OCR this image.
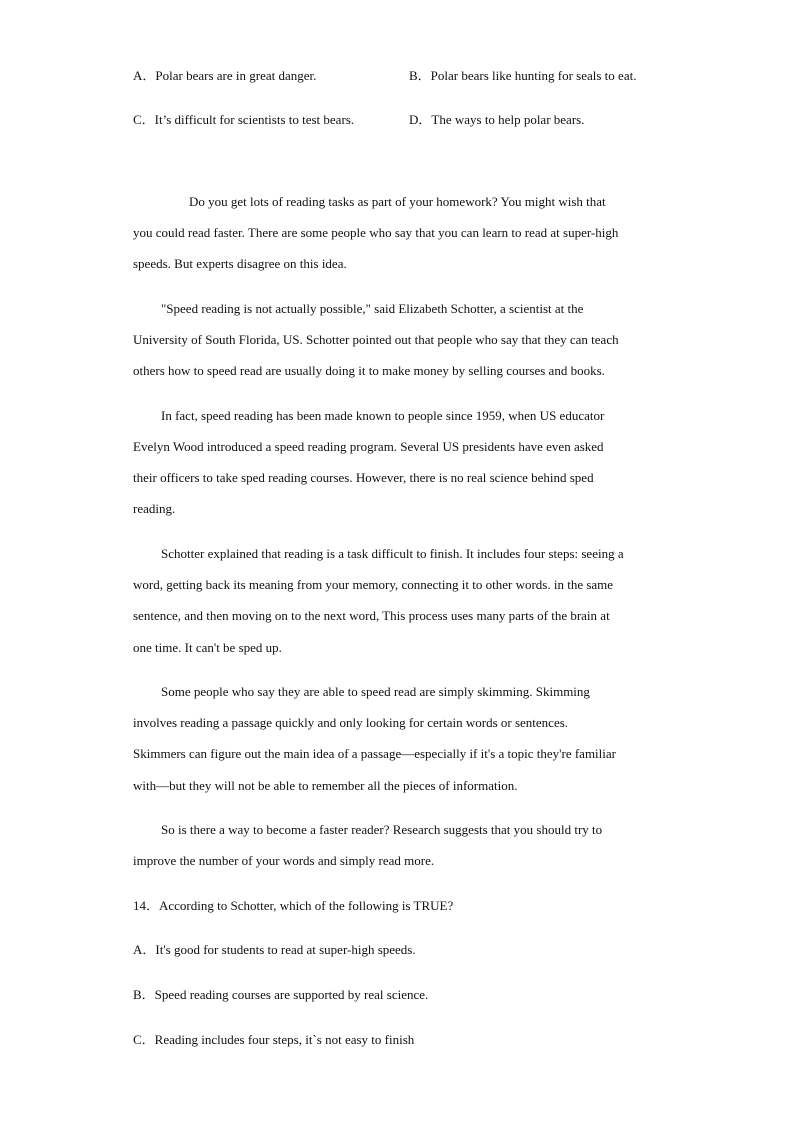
A．Polar bears are in great danger.	B．Polar bears like hunting for seals to eat.
C．It’s difficult for scientists to test bears.	D．The ways to help polar bears.
Do you get lots of reading tasks as part of your homework? You might wish that
you could read faster. There are some people who say that you can learn to read at super-high
speeds. But experts disagree on this idea.
"Speed reading is not actually possible," said Elizabeth Schotter, a scientist at the
University of South Florida, US. Schotter pointed out that people who say that they can teach
others how to speed read are usually doing it to make money by selling courses and books.
In fact, speed reading has been made known to people since 1959, when US educator
Evelyn Wood introduced a speed reading program. Several US presidents have even asked
their officers to take sped reading courses. However, there is no real science behind sped
reading.
Schotter explained that reading is a task difficult to finish. It includes four steps: seeing a
word, getting back its meaning from your memory, connecting it to other words. in the same
sentence, and then moving on to the next word, This process uses many parts of the brain at
one time. It can't be sped up.
Some people who say they are able to speed read are simply skimming. Skimming
involves reading a passage quickly and only looking for certain words or sentences.
Skimmers can figure out the main idea of a passage—especially if it's a topic they're familiar
with—but they will not be able to remember all the pieces of information.
So is there a way to become a faster reader? Research suggests that you should try to
improve the number of your words and simply read more.
14．According to Schotter, which of the following is TRUE?
A．It's good for students to read at super-high speeds.
B．Speed reading courses are supported by real science.
C．Reading includes four steps, it`s not easy to finish
